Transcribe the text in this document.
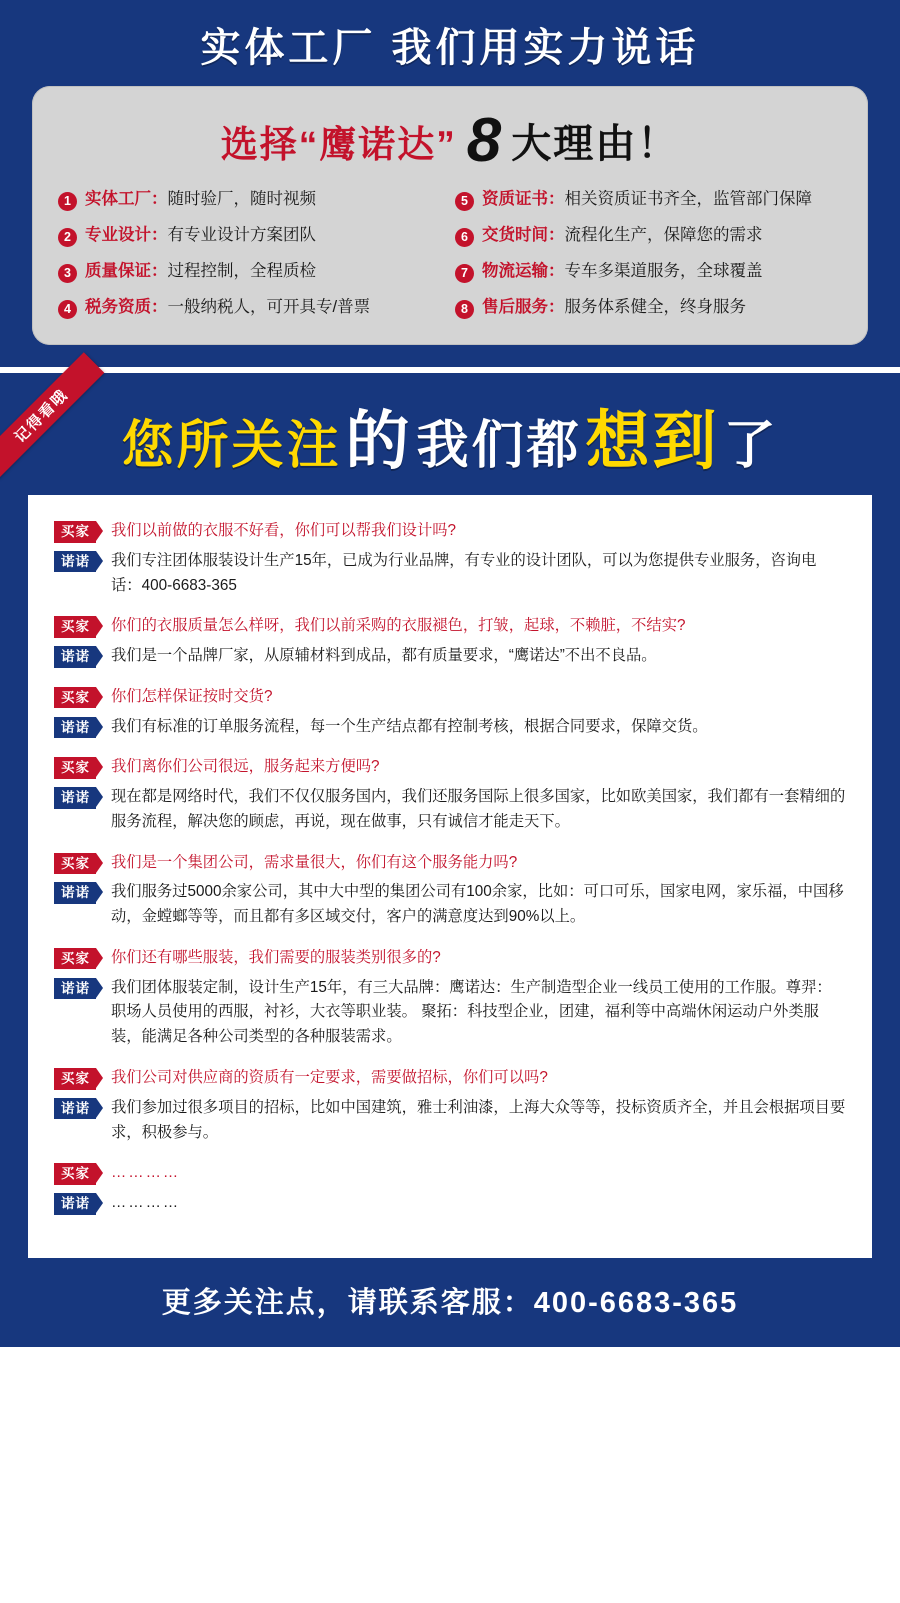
实体工厂 我们用实力说话
选择“鹰诺达” 8 大理由！
1 实体工厂：随时验厂，随时视频	5 资质证书：相关资质证书齐全，监管部门保障
2 专业设计：有专业设计方案团队	6 交货时间：流程化生产，保障您的需求
3 质量保证：过程控制，全程质检	7 物流运输：专车多渠道服务，全球覆盖
4 税务资质：一般纳税人，可开具专/普票	8 售后服务：服务体系健全，终身服务
记得看哦 您所关注的我们都想到了
买家	我们以前做的衣服不好看，你们可以帮我们设计吗?
诺诺	我们专注团体服装设计生产15年，已成为行业品牌，有专业的设计团队，可以为您提供专业服务，咨询电话：400-6683-365
买家	你们的衣服质量怎么样呀，我们以前采购的衣服褪色，打皱，起球，不赖脏，不结实?
诺诺	我们是一个品牌厂家，从原辅材料到成品，都有质量要求，“鹰诺达”不出不良品。
买家	你们怎样保证按时交货?
诺诺	我们有标准的订单服务流程，每一个生产结点都有控制考核，根据合同要求，保障交货。
买家	我们离你们公司很远，服务起来方便吗?
诺诺	现在都是网络时代，我们不仅仅服务国内，我们还服务国际上很多国家，比如欧美国家，我们都有一套精细的服务流程，解决您的顾虑，再说，现在做事，只有诚信才能走天下。
买家	我们是一个集团公司，需求量很大，你们有这个服务能力吗?
诺诺	我们服务过5000余家公司，其中大中型的集团公司有100余家，比如：可口可乐，国家电网，家乐福，中国移动，金螳螂等等，而且都有多区域交付，客户的满意度达到90%以上。
买家	你们还有哪些服装，我们需要的服装类别很多的?
诺诺	我们团体服装定制，设计生产15年，有三大品牌：鹰诺达：生产制造型企业一线员工使用的工作服。尊羿：职场人员使用的西服，衬衫，大衣等职业装。 聚拓：科技型企业，团建，福利等中高端休闲运动户外类服装，能满足各种公司类型的各种服装需求。
买家	我们公司对供应商的资质有一定要求，需要做招标，你们可以吗?
诺诺	我们参加过很多项目的招标，比如中国建筑，雅士利油漆，上海大众等等，投标资质齐全，并且会根据项目要求，积极参与。
买家	…………
诺诺	…………
更多关注点，请联系客服：400-6683-365
